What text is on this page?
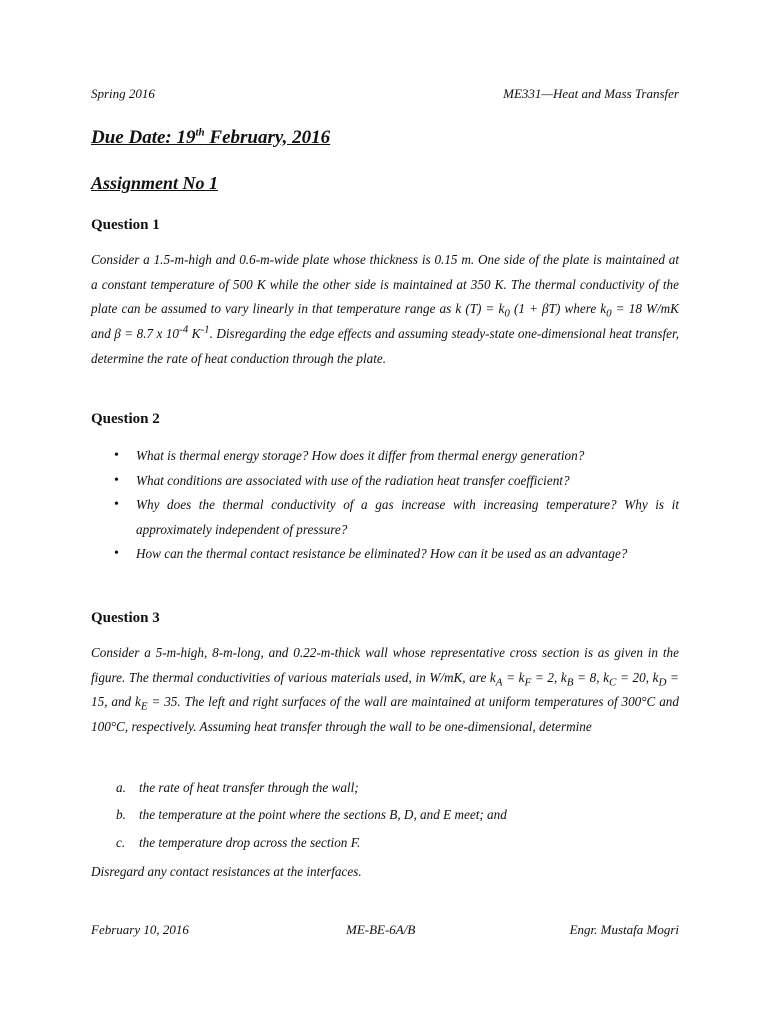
Spring 2016	ME331—Heat and Mass Transfer
Due Date: 19th February, 2016
Assignment No 1
Question 1
Consider a 1.5-m-high and 0.6-m-wide plate whose thickness is 0.15 m. One side of the plate is maintained at a constant temperature of 500 K while the other side is maintained at 350 K. The thermal conductivity of the plate can be assumed to vary linearly in that temperature range as k $(T) = k_0$ (1 + βT) where $k_0 = 18$ W/mK and β = 8.7 x $10^{-4}$ $K^{-1}$. Disregarding the edge effects and assuming steady-state one-dimensional heat transfer, determine the rate of heat conduction through the plate.
Question 2
• What is thermal energy storage? How does it differ from thermal energy generation?
• What conditions are associated with use of the radiation heat transfer coefficient?
• Why does the thermal conductivity of a gas increase with increasing temperature? Why is it approximately independent of pressure?
• How can the thermal contact resistance be eliminated? How can it be used as an advantage?
Question 3
Consider a 5-m-high, 8-m-long, and 0.22-m-thick wall whose representative cross section is as given in the figure. The thermal conductivities of various materials used, in W/mK, are $k_A = k_F = 2$, $k_B = 8$, $k_C = 20$, $k_D = 15$, and $k_E = 35$. The left and right surfaces of the wall are maintained at uniform temperatures of 300°C and 100°C, respectively. Assuming heat transfer through the wall to be one-dimensional, determine
a. the rate of heat transfer through the wall;
b. the temperature at the point where the sections B, D, and E meet; and
c. the temperature drop across the section F.
Disregard any contact resistances at the interfaces.
February 10, 2016	ME-BE-6A/B	Engr. Mustafa Mogri
